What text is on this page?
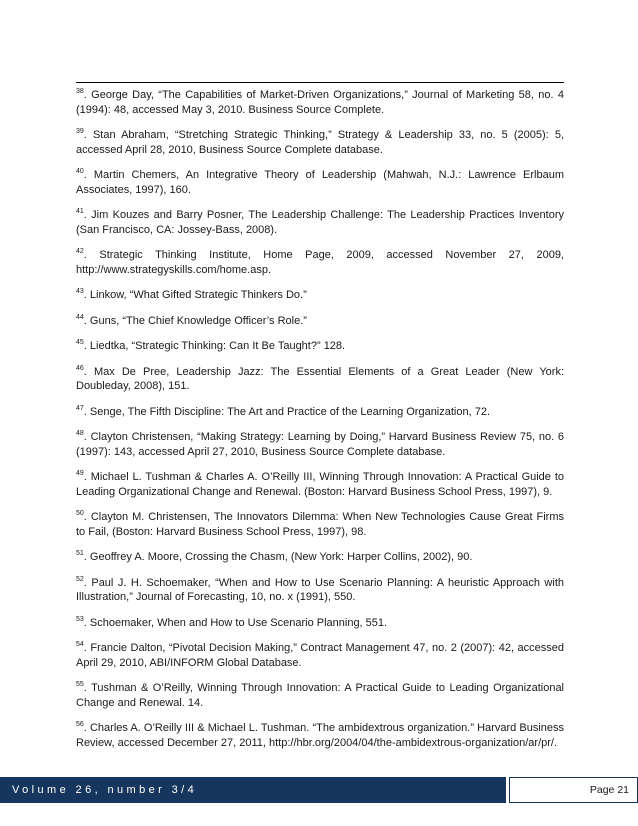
$^{38}$. George Day, “The Capabilities of Market-Driven Organizations,” Journal of Marketing 58, no. 4 (1994): 48, accessed May 3, 2010. Business Source Complete.

$^{39}$. Stan Abraham, “Stretching Strategic Thinking,” Strategy & Leadership 33, no. 5 (2005): 5, accessed April 28, 2010, Business Source Complete database.

$^{40}$. Martin Chemers, An Integrative Theory of Leadership (Mahwah, N.J.: Lawrence Erlbaum Associates, 1997), 160.

$^{41}$. Jim Kouzes and Barry Posner, The Leadership Challenge: The Leadership Practices Inventory (San Francisco, CA: Jossey-Bass, 2008).

$^{42}$. Strategic Thinking Institute, Home Page, 2009, accessed November 27, 2009, http://www.strategyskills.com/home.asp.

$^{43}$. Linkow, “What Gifted Strategic Thinkers Do.”

$^{44}$. Guns, “The Chief Knowledge Officer’s Role.”

$^{45}$. Liedtka, “Strategic Thinking: Can It Be Taught?” 128.

$^{46}$. Max De Pree, Leadership Jazz: The Essential Elements of a Great Leader (New York: Doubleday, 2008), 151.

$^{47}$. Senge, The Fifth Discipline: The Art and Practice of the Learning Organization, 72.

$^{48}$. Clayton Christensen, “Making Strategy: Learning by Doing,” Harvard Business Review 75, no. 6 (1997): 143, accessed April 27, 2010, Business Source Complete database.

$^{49}$. Michael L. Tushman & Charles A. O’Reilly III, Winning Through Innovation: A Practical Guide to Leading Organizational Change and Renewal. (Boston: Harvard Business School Press, 1997), 9.

$^{50}$. Clayton M. Christensen, The Innovators Dilemma: When New Technologies Cause Great Firms to Fail, (Boston: Harvard Business School Press, 1997), 98.

$^{51}$. Geoffrey A. Moore, Crossing the Chasm, (New York: Harper Collins, 2002), 90.

$^{52}$. Paul J. H. Schoemaker, “When and How to Use Scenario Planning: A heuristic Approach with Illustration,” Journal of Forecasting, 10, no. x (1991), 550.

$^{53}$. Schoemaker, When and How to Use Scenario Planning, 551.

$^{54}$. Francie Dalton, “Pivotal Decision Making,” Contract Management 47, no. 2 (2007): 42, accessed April 29, 2010, ABI/INFORM Global Database.

$^{55}$. Tushman & O’Reilly, Winning Through Innovation: A Practical Guide to Leading Organizational Change and Renewal. 14.

$^{56}$. Charles A. O’Reilly III & Michael L. Tushman. “The ambidextrous organization.” Harvard Business Review, accessed December 27, 2011, http://hbr.org/2004/04/the-ambidextrous-organization/ar/pr/.

Volume 26, number 3/4	Page 21
